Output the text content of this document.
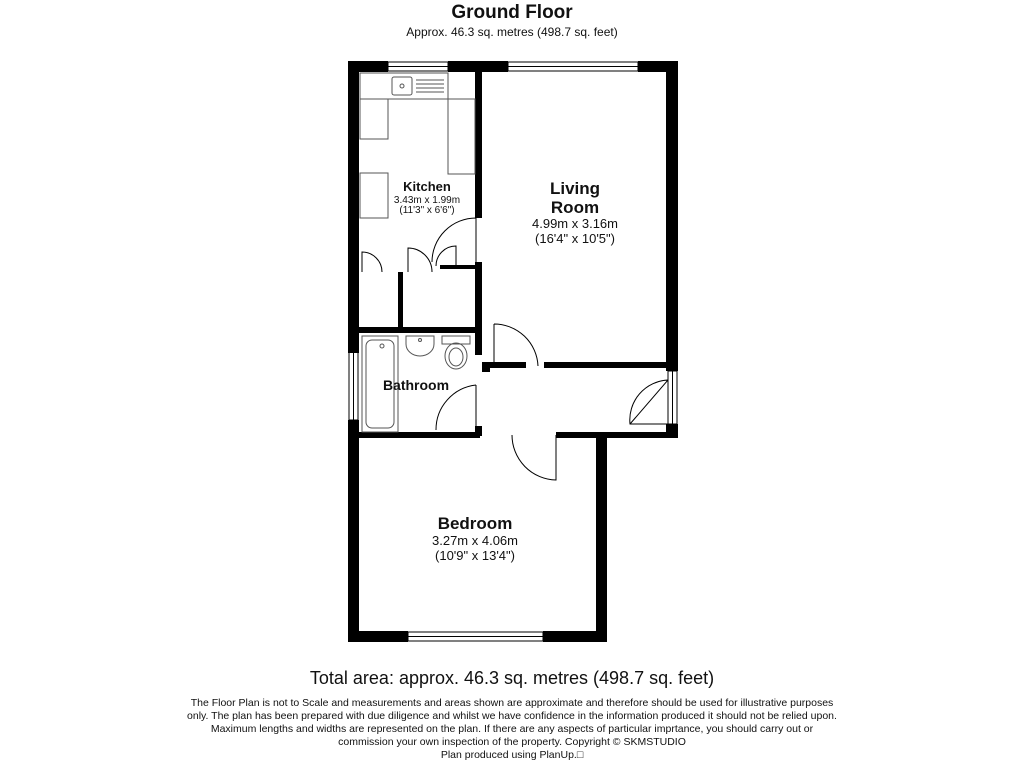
Ground Floor
Approx. 46.3 sq. metres (498.7 sq. feet)
Kitchen
3.43m x 1.99m
(11'3" x 6'6")
Living
Room
4.99m x 3.16m
(16'4" x 10'5")
Bathroom
Bedroom
3.27m x 4.06m
(10'9" x 13'4")
Total area: approx. 46.3 sq. metres (498.7 sq. feet)
The Floor Plan is not to Scale and measurements and areas shown are approximate and therefore should be used for illustrative purposes
only. The plan has been prepared with due diligence and whilst we have confidence in the information produced it should not be relied upon.
Maximum lengths and widths are represented on the plan. If there are any aspects of particular imprtance, you should carry out or
commission your own inspection of the property. Copyright © SKMSTUDIO
Plan produced using PlanUp.□
